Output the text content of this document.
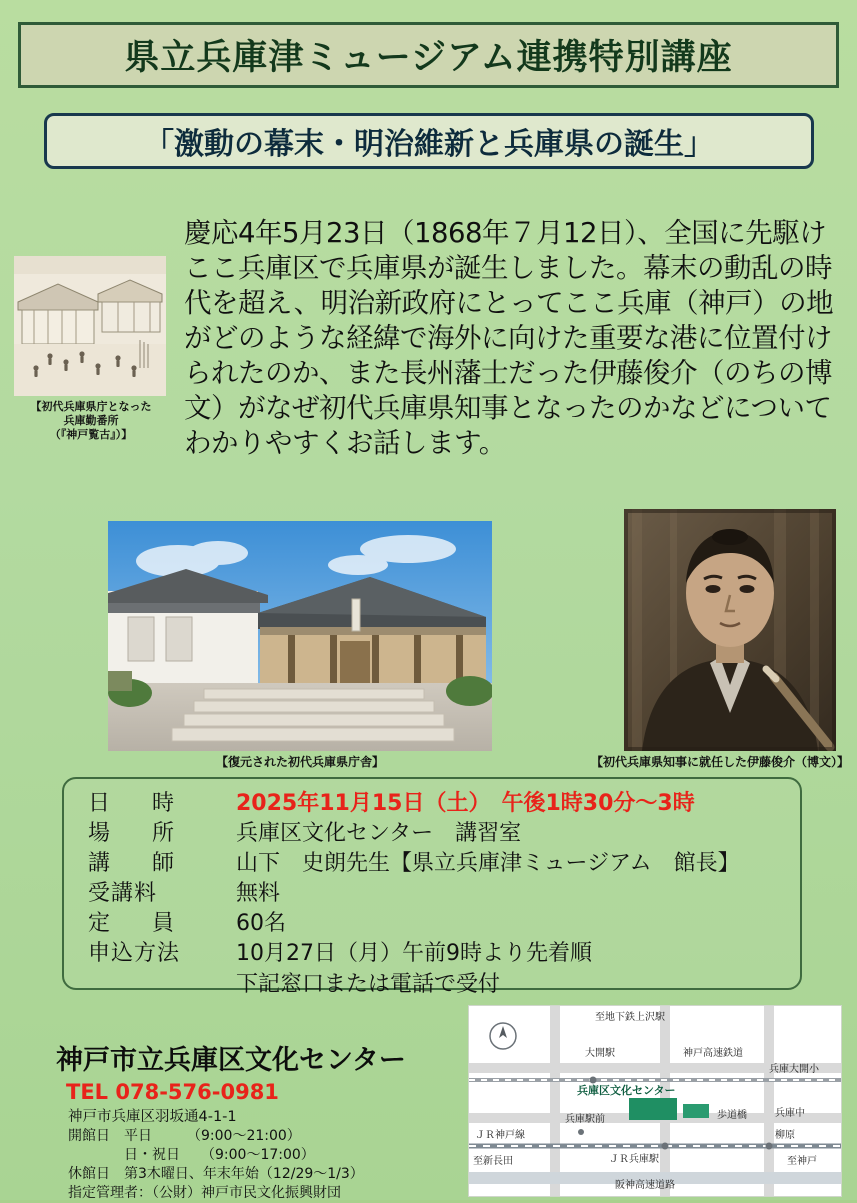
県立兵庫津ミュージアム連携特別講座
「激動の幕末・明治維新と兵庫県の誕生」
慶応4年5月23日（1868年７月12日）、全国に先駆けここ兵庫区で兵庫県が誕生しました。幕末の動乱の時代を超え、明治新政府にとってここ兵庫（神戸）の地がどのような経緯で海外に向けた重要な港に位置付けられたのか、また長州藩士だった伊藤俊介（のちの博文）がなぜ初代兵庫県知事となったのかなどについてわかりやすくお話します。
【初代兵庫県庁となった
兵庫勤番所
（『神戸覧古』）】
【復元された初代兵庫県庁舎】	【初代兵庫県知事に就任した伊藤俊介（博文）】
日　時	2025年11月15日（土）　午後1時30分〜3時
場　所	兵庫区文化センター　講習室
講　師	山下　史朗先生【県立兵庫津ミュージアム　館長】
受講料	無料
定　員	60名
申込方法	10月27日（月）午前9時より先着順
下記窓口または電話で受付
神戸市立兵庫区文化センター
TEL 078-576-0981
神戸市兵庫区羽坂通4-1-1
開館日　平日　　　（9:00〜21:00）
　　　　日・祝日　　（9:00〜17:00）
休館日　第3木曜日、年末年始（12/29〜1/3）
指定管理者：（公財）神戸市民文化振興財団
至地下鉄上沢駅
大開駅	神戸高速鉄道
兵庫大開小
兵庫区文化センター
歩道橋	兵庫中
兵庫駅前
柳原
ＪＲ神戸線
ＪＲ兵庫駅
至新長田	至神戸
阪神高速道路
